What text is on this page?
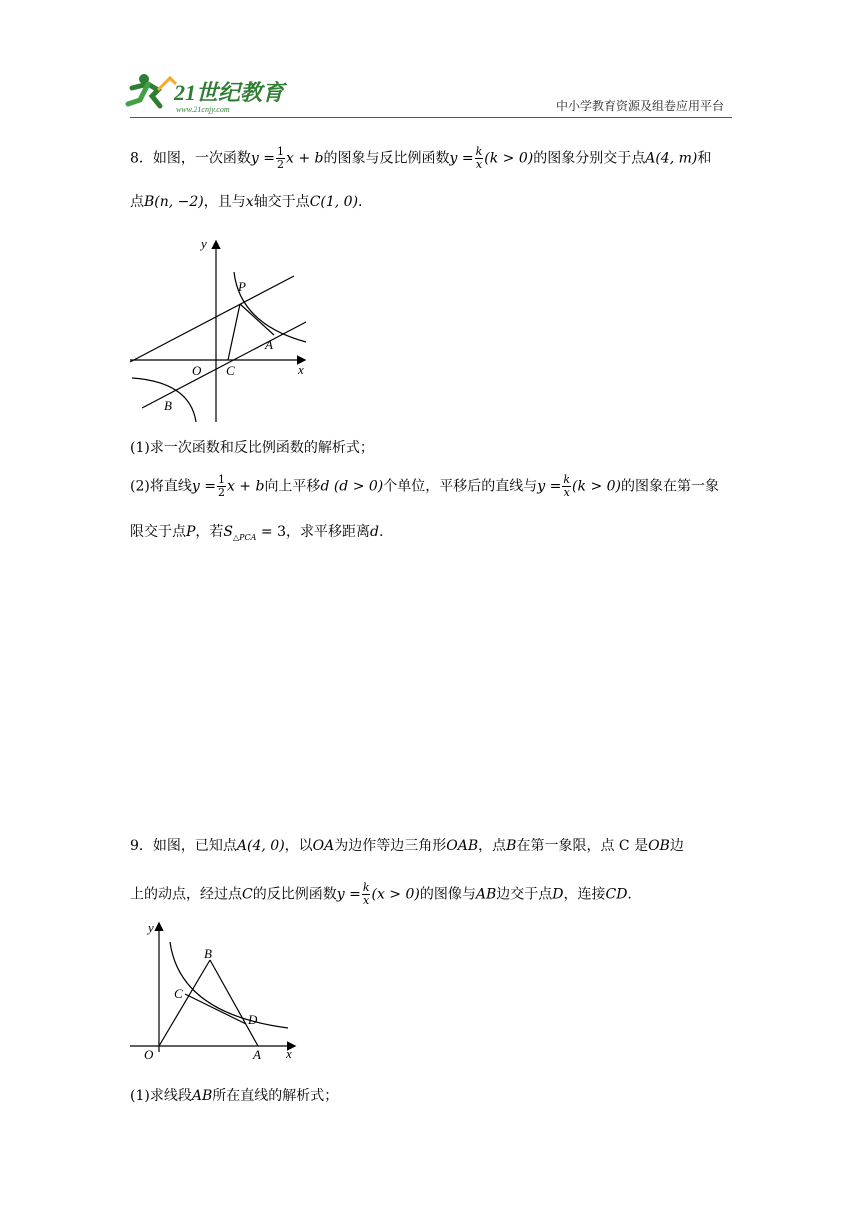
21世纪教育
www.21cnjy.com	中小学教育资源及组卷应用平台
8．如图，一次函数$y = \frac{1}{2}$ x + b的图象与反比例函数$y = \frac{k}{x} (k > 0)$的图象分别交于点A(4, m)和
点B(n, −2)，且与x轴交于点C(1, 0).
y
x
O C
P
A
B
(1)求一次函数和反比例函数的解析式；
(2)将直线$y = \frac{1}{2}$ x + b向上平移d (d > 0)个单位，平移后的直线与$y = \frac{k}{x} (k > 0)$的图象在第一象
限交于点P，若$S_{\triangle PCA} = 3$，求平移距离d.
9．如图，已知点A(4, 0)，以OA为边作等边三角形OAB，点B在第一象限，点 C 是OB边
上的动点，经过点C的反比例函数$y = \frac{k}{x} (x > 0)$的图像与AB边交于点D，连接CD.
y
x
O	A
B
C
D
(1)求线段AB所在直线的解析式；
